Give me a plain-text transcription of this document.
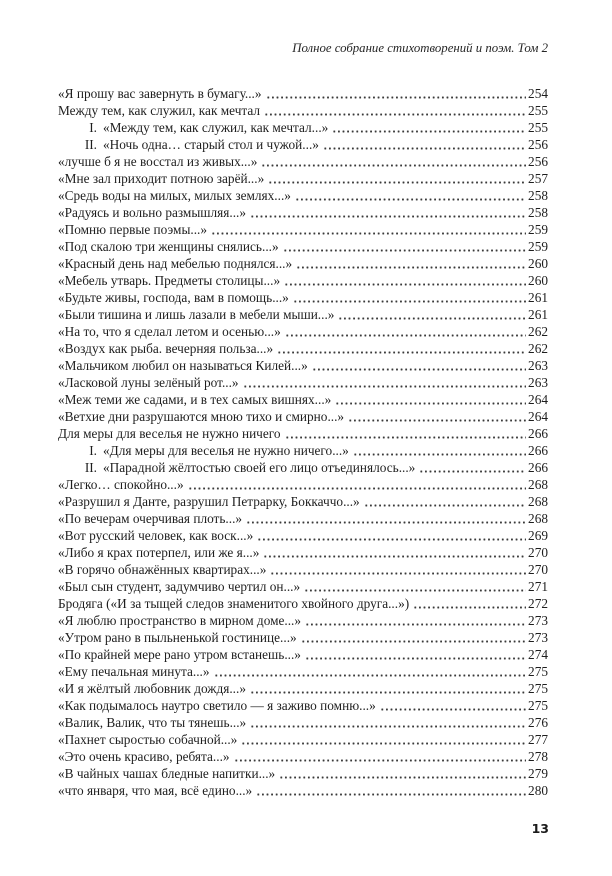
Полное собрание стихотворений и поэм. Том 2
«Я прошу вас завернуть в бумагу...»	254
Между тем, как служил, как мечтал	255
I. «Между тем, как служил, как мечтал...»	255
II. «Ночь одна… старый стол и чужой...»	256
«лучше б я не восстал из живых...»	256
«Мне зал приходит потною зарёй...»	257
«Средь воды на милых, милых землях...»	258
«Радуясь и вольно размышляя...»	258
«Помню первые поэмы...»	259
«Под скалою три женщины снялись...»	259
«Красный день над мебелью поднялся...»	260
«Мебель утварь. Предметы столицы...»	260
«Будьте живы, господа, вам в помощь...»	261
«Были тишина и лишь лазали в мебели мыши...»	261
«На то, что я сделал летом и осенью...»	262
«Воздух как рыба. вечерняя польза...»	262
«Мальчиком любил он называться Килей...»	263
«Ласковой луны зелёный рот...»	263
«Меж теми же садами, и в тех самых вишнях...»	264
«Ветхие дни разрушаются мною тихо и смирно...»	264
Для меры для веселья не нужно ничего	266
I. «Для меры для веселья не нужно ничего...»	266
II. «Парадной жёлтостью своей его лицо отъединялось...»	266
«Легко… спокойно...»	268
«Разрушил я Данте, разрушил Петрарку, Боккаччо...»	268
«По вечерам очерчивая плоть...»	268
«Вот русский человек, как воск...»	269
«Либо я крах потерпел, или же я...»	270
«В горячо обнажённых квартирах...»	270
«Был сын студент, задумчиво чертил он...»	271
Бродяга («И за тыщей следов знаменитого хвойного друга...»)	272
«Я люблю пространство в мирном доме...»	273
«Утром рано в пыльненькой гостинице...»	273
«По крайней мере рано утром встанешь...»	274
«Ему печальная минута...»	275
«И я жёлтый любовник дождя...»	275
«Как подымалось наутро светило — я заживо помню...»	275
«Валик, Валик, что ты тянешь...»	276
«Пахнет сыростью собачной...»	277
«Это очень красиво, ребята...»	278
«В чайных чашах бледные напитки...»	279
«что января, что мая, всё едино...»	280
13
